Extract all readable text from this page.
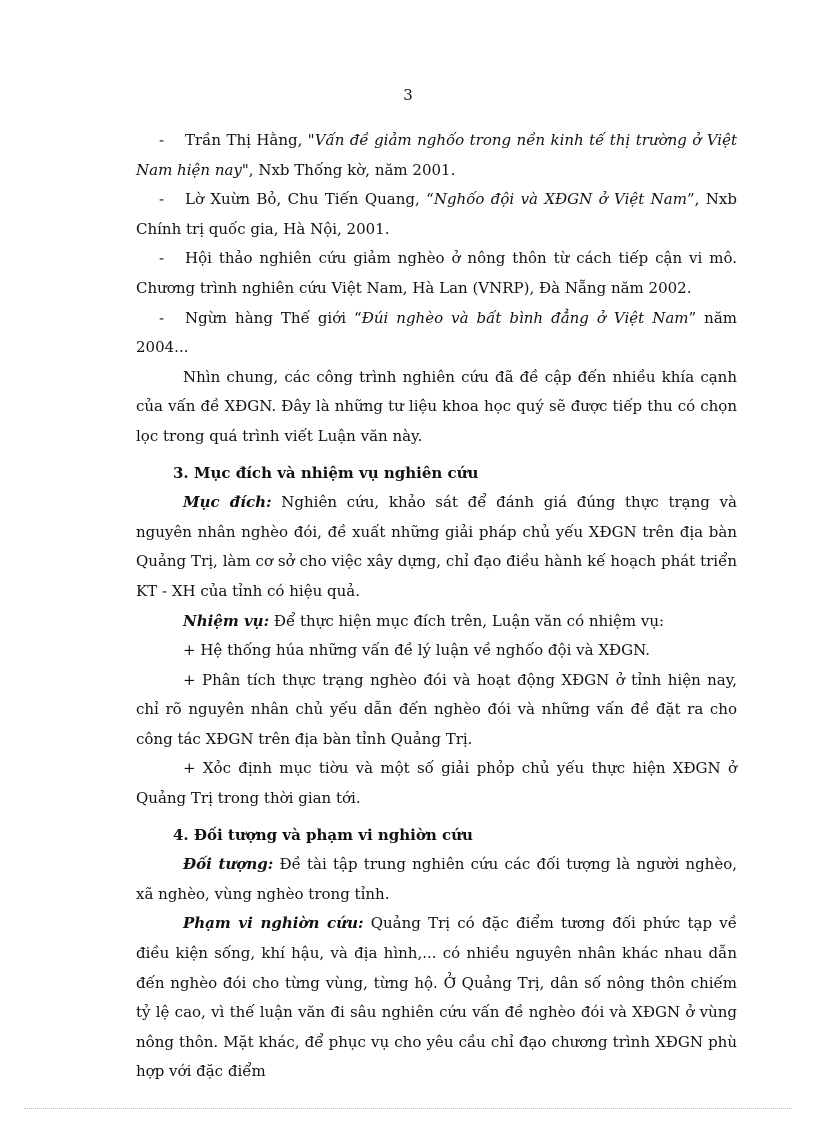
3

- Trần Thị Hằng, "Vấn đề giảm nghốo trong nền kinh tế thị trường ở Việt Nam hiện nay", Nxb Thống kờ, năm 2001.

- Lờ Xuừn Bỏ, Chu Tiến Quang, “Nghốo đội và XĐGN ở Việt Nam”, Nxb Chính trị quốc gia, Hà Nội, 2001.

- Hội thảo nghiên cứu giảm nghèo ở nông thôn từ cách tiếp cận vi mô. Chương trình nghiên cứu Việt Nam, Hà Lan (VNRP), Đà Nẵng năm 2002.

- Ngừn hàng Thế giới “Đúi nghèo và bất bình đẳng ở Việt Nam” năm 2004...

Nhìn chung, các công trình nghiên cứu đã đề cập đến nhiều khía cạnh của vấn đề XĐGN. Đây là những tư liệu khoa học quý sẽ được tiếp thu có chọn lọc trong quá trình viết Luận văn này.

3. Mục đích và nhiệm vụ nghiên cứu

Mục đích: Nghiên cứu, khảo sát để đánh giá đúng thực trạng và nguyên nhân nghèo đói, đề xuất những giải pháp chủ yếu XĐGN trên địa bàn Quảng Trị, làm cơ sở cho việc xây dựng, chỉ đạo điều hành kế hoạch phát triển KT - XH của tỉnh có hiệu quả.

Nhiệm vụ: Để thực hiện mục đích trên, Luận văn có nhiệm vụ:

+ Hệ thống húa những vấn đề lý luận về nghốo đội và XĐGN.

+ Phân tích thực trạng nghèo đói và hoạt động XĐGN ở tỉnh hiện nay, chỉ rõ nguyên nhân chủ yếu dẫn đến nghèo đói và những vấn đề đặt ra cho công tác XĐGN trên địa bàn tỉnh Quảng Trị.

+ Xỏc định mục tiờu và một số giải phỏp chủ yếu thực hiện XĐGN ở Quảng Trị trong thời gian tới.

4. Đối tượng và phạm vi nghiờn cứu

Đối tượng: Đề tài tập trung nghiên cứu các đối tượng là người nghèo, xã nghèo, vùng nghèo trong tỉnh.

Phạm vi nghiờn cứu: Quảng Trị có đặc điểm tương đối phức tạp về điều kiện sống, khí hậu, và địa hình,... có nhiều nguyên nhân khác nhau dẫn đến nghèo đói cho từng vùng, từng hộ. Ở Quảng Trị, dân số nông thôn chiếm tỷ lệ cao, vì thế luận văn đi sâu nghiên cứu vấn đề nghèo đói và XĐGN ở vùng nông thôn. Mặt khác, để phục vụ cho yêu cầu chỉ đạo chương trình XĐGN phù hợp với đặc điểm
